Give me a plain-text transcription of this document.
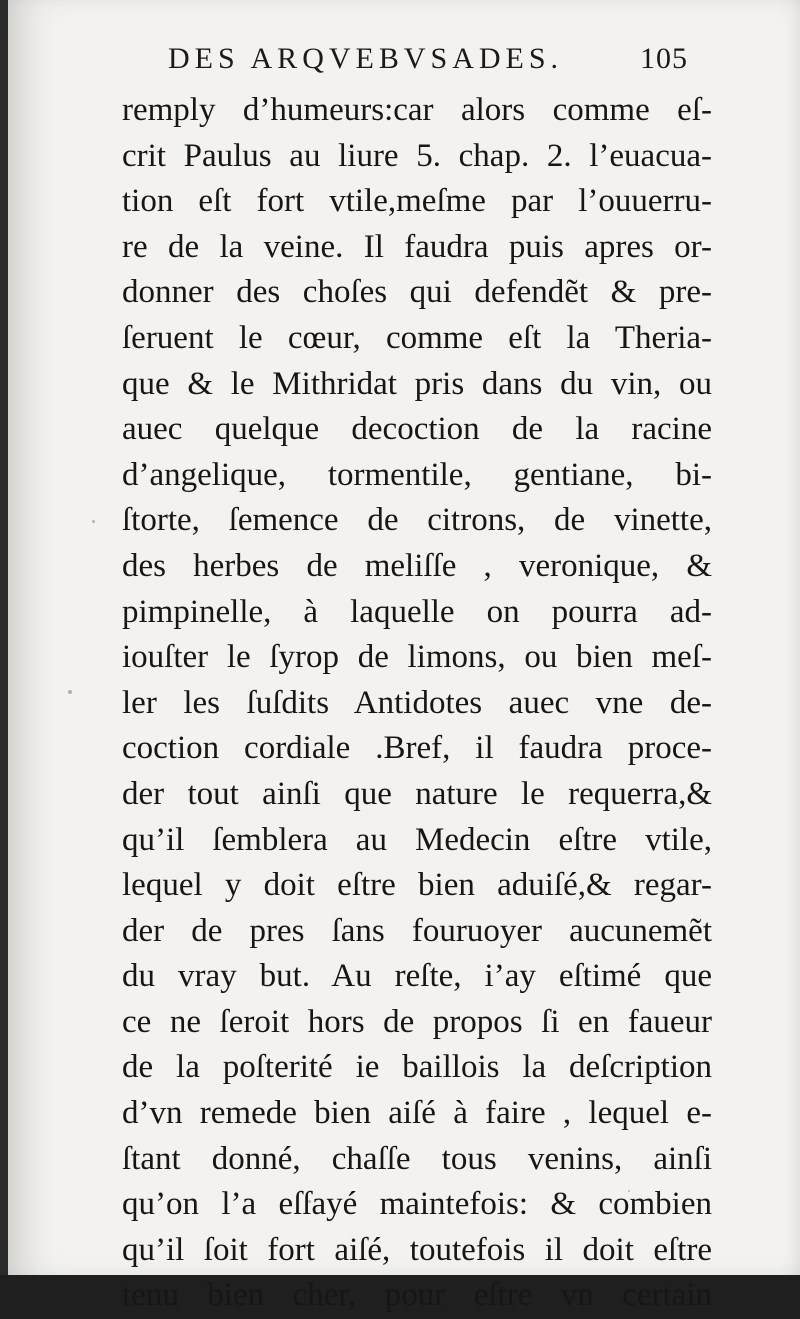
DES ARQVEBVSADES.	105
remply d’humeurs:car alors comme eſ-
crit Paulus au liure 5. chap. 2. l’euacua-
tion eſt fort vtile,meſme par l’ouuerru-
re de la veine. Il faudra puis apres or-
donner des choſes qui defendẽt & pre-
ſeruent le cœur, comme eſt la Theria-
que & le Mithridat pris dans du vin, ou
auec quelque decoction de la racine
d’angelique, tormentile, gentiane, bi-
ſtorte, ſemence de citrons, de vinette,
des herbes de meliſſe , veronique, &
pimpinelle, à laquelle on pourra ad-
iouſter le ſyrop de limons, ou bien meſ-
ler les ſuſdits Antidotes auec vne de-
coction cordiale .Bref, il faudra proce-
der tout ainſi que nature le requerra,&
qu’il ſemblera au Medecin eſtre vtile,
lequel y doit eſtre bien aduiſé,& regar-
der de pres ſans fouruoyer aucunemẽt
du vray but. Au reſte, i’ay eſtimé que
ce ne ſeroit hors de propos ſi en faueur
de la poſterité ie baillois la deſcription
d’vn remede bien aiſé à faire , lequel e-
ſtant donné, chaſſe tous venins, ainſi
qu’on l’a eſſayé maintefois: & combien
qu’il ſoit fort aiſé, toutefois il doit eſtre
tenu bien cher, pour eſtre vn certain
